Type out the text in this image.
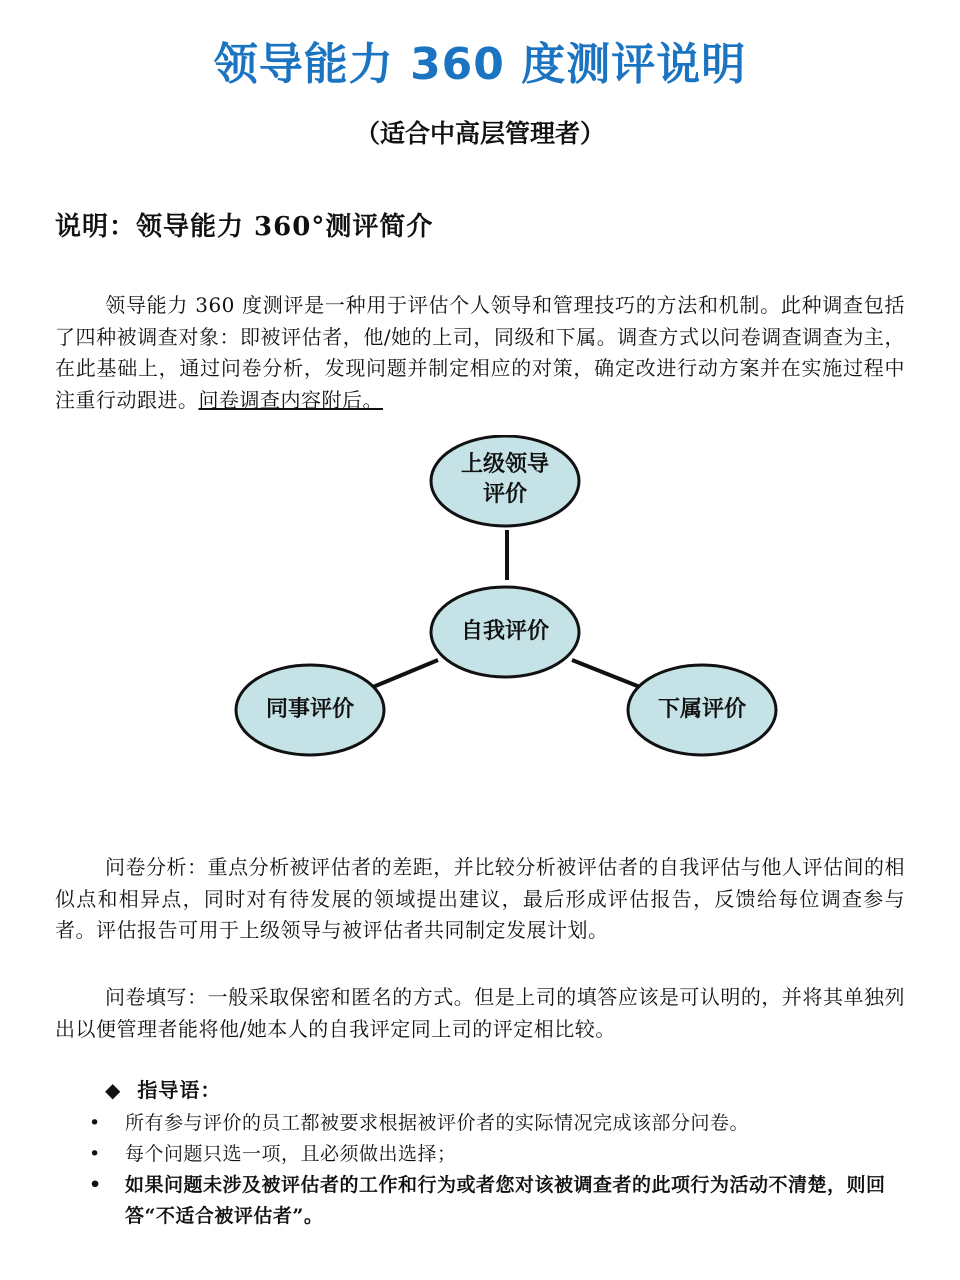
领导能力 360 度测评说明
（适合中高层管理者）
说明：领导能力 360°测评简介

领导能力 360 度测评是一种用于评估个人领导和管理技巧的方法和机制。此种调查包括了四种被调查对象：即被评估者，他/她的上司，同级和下属。调查方式以问卷调查调查为主，在此基础上，通过问卷分析，发现问题并制定相应的对策，确定改进行动方案并在实施过程中注重行动跟进。问卷调查内容附后。

上级领导
评价
自我评价
同事评价	下属评价

问卷分析：重点分析被评估者的差距，并比较分析被评估者的自我评估与他人评估间的相似点和相异点，同时对有待发展的领域提出建议，最后形成评估报告，反馈给每位调查参与者。评估报告可用于上级领导与被评估者共同制定发展计划。

问卷填写：一般采取保密和匿名的方式。但是上司的填答应该是可认明的，并将其单独列出以便管理者能将他/她本人的自我评定同上司的评定相比较。

◆ 指导语：
• 所有参与评价的员工都被要求根据被评价者的实际情况完成该部分问卷。
• 每个问题只选一项，且必须做出选择；
• 如果问题未涉及被评估者的工作和行为或者您对该被调查者的此项行为活动不清楚，则回答“不适合被评估者”。
